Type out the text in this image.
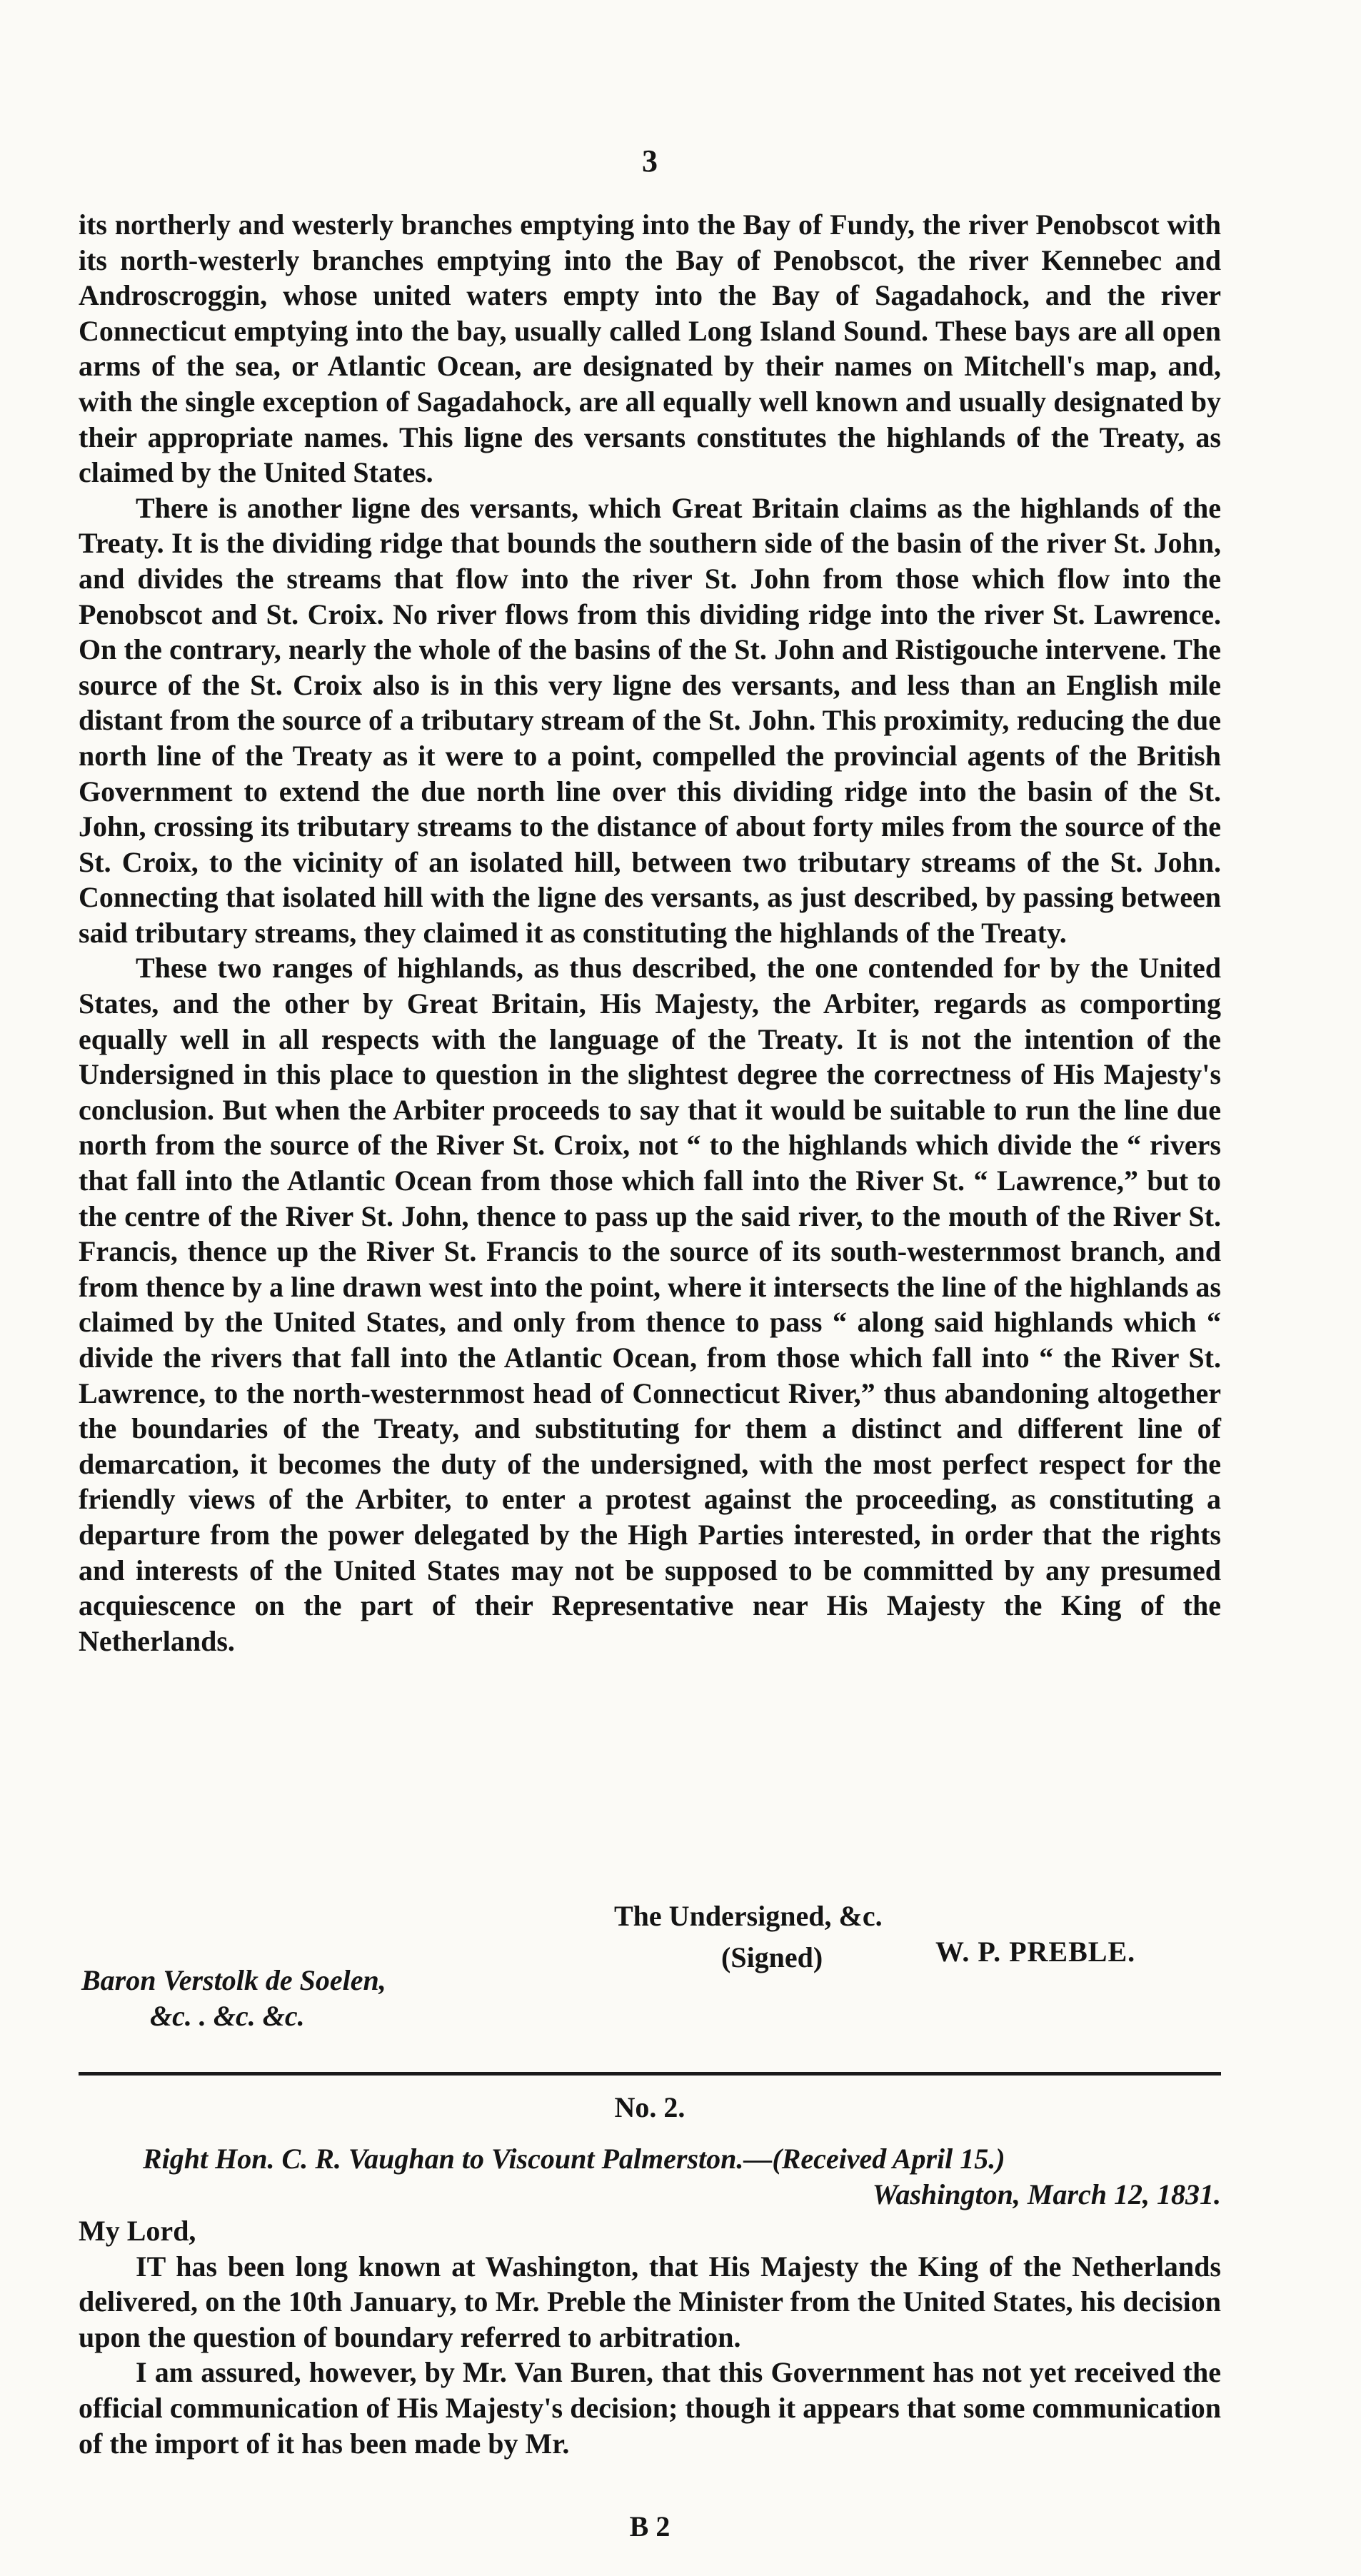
3

its northerly and westerly branches emptying into the Bay of Fundy, the river Penobscot with its north-westerly branches emptying into the Bay of Penobscot, the river Kennebec and Androscroggin, whose united waters empty into the Bay of Sagadahock, and the river Connecticut emptying into the bay, usually called Long Island Sound. These bays are all open arms of the sea, or Atlantic Ocean, are designated by their names on Mitchell's map, and, with the single exception of Sagadahock, are all equally well known and usually designated by their appropriate names. This ligne des versants constitutes the highlands of the Treaty, as claimed by the United States.

There is another ligne des versants, which Great Britain claims as the highlands of the Treaty. It is the dividing ridge that bounds the southern side of the basin of the river St. John, and divides the streams that flow into the river St. John from those which flow into the Penobscot and St. Croix. No river flows from this dividing ridge into the river St. Lawrence. On the contrary, nearly the whole of the basins of the St. John and Ristigouche intervene. The source of the St. Croix also is in this very ligne des versants, and less than an English mile distant from the source of a tributary stream of the St. John. This proximity, reducing the due north line of the Treaty as it were to a point, compelled the provincial agents of the British Government to extend the due north line over this dividing ridge into the basin of the St. John, crossing its tributary streams to the distance of about forty miles from the source of the St. Croix, to the vicinity of an isolated hill, between two tributary streams of the St. John. Connecting that isolated hill with the ligne des versants, as just described, by passing between said tributary streams, they claimed it as constituting the highlands of the Treaty.

These two ranges of highlands, as thus described, the one contended for by the United States, and the other by Great Britain, His Majesty, the Arbiter, regards as comporting equally well in all respects with the language of the Treaty. It is not the intention of the Undersigned in this place to question in the slightest degree the correctness of His Majesty's conclusion. But when the Arbiter proceeds to say that it would be suitable to run the line due north from the source of the River St. Croix, not “ to the highlands which divide the “ rivers that fall into the Atlantic Ocean from those which fall into the River St. “ Lawrence,” but to the centre of the River St. John, thence to pass up the said river, to the mouth of the River St. Francis, thence up the River St. Francis to the source of its south-westernmost branch, and from thence by a line drawn west into the point, where it intersects the line of the highlands as claimed by the United States, and only from thence to pass “ along said highlands which “ divide the rivers that fall into the Atlantic Ocean, from those which fall into “ the River St. Lawrence, to the north-westernmost head of Connecticut River,” thus abandoning altogether the boundaries of the Treaty, and substituting for them a distinct and different line of demarcation, it becomes the duty of the undersigned, with the most perfect respect for the friendly views of the Arbiter, to enter a protest against the proceeding, as constituting a departure from the power delegated by the High Parties interested, in order that the rights and interests of the United States may not be supposed to be committed by any presumed acquiescence on the part of their Representative near His Majesty the King of the Netherlands.

The Undersigned, &c.
(Signed)	W. P. PREBLE.
Baron Verstolk de Soelen,
&c. . &c. &c.
No. 2.
Right Hon. C. R. Vaughan to Viscount Palmerston.—(Received April 15.)
Washington, March 12, 1831.

My Lord,

IT has been long known at Washington, that His Majesty the King of the Netherlands delivered, on the 10th January, to Mr. Preble the Minister from the United States, his decision upon the question of boundary referred to arbitration.

I am assured, however, by Mr. Van Buren, that this Government has not yet received the official communication of His Majesty's decision; though it appears that some communication of the import of it has been made by Mr.

B 2
